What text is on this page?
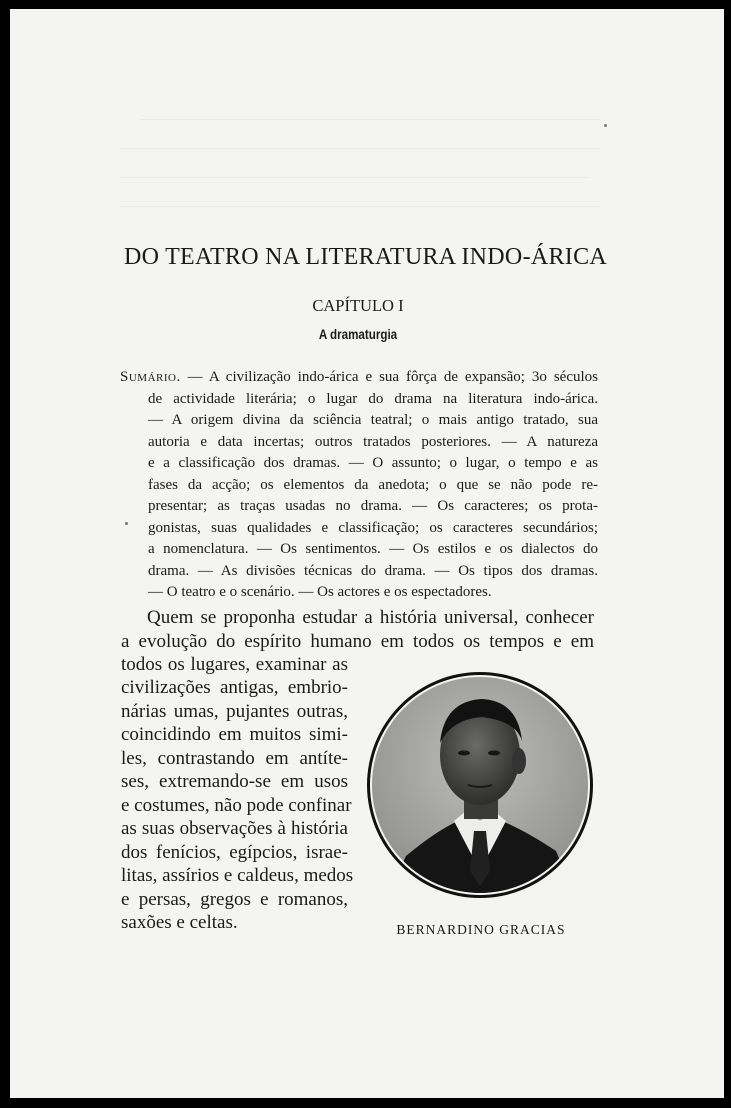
DO TEATRO NA LITERATURA INDO-ÁRICA
CAPÍTULO I
A dramaturgia
Sumário. — A civilização indo-árica e sua fôrça de expansão; 3o séculos
de actividade literária; o lugar do drama na literatura indo-árica.
— A origem divina da sciência teatral; o mais antigo tratado, sua
autoria e data incertas; outros tratados posteriores. — A natureza
e a classificação dos dramas. — O assunto; o lugar, o tempo e as
fases da acção; os elementos da anedota; o que se não pode re-
presentar; as traças usadas no drama. — Os caracteres; os prota-
gonistas, suas qualidades e classificação; os caracteres secundários;
a nomenclatura. — Os sentimentos. — Os estilos e os dialectos do
drama. — As divisões técnicas do drama. — Os tipos dos dramas.
— O teatro e o scenário. — Os actores e os espectadores.
Quem se proponha estudar a história universal, conhecer
a evolução do espírito humano em todos os tempos e em
todos os lugares, examinar as
civilizações antigas, embrio-
nárias umas, pujantes outras,
coincidindo em muitos simi-
les, contrastando em antíte-
ses, extremando-se em usos
e costumes, não pode confinar
as suas observações à história
dos fenícios, egípcios, israe-
litas, assírios e caldeus, medos
e persas, gregos e romanos,
saxões e celtas.	BERNARDINO GRACIAS
